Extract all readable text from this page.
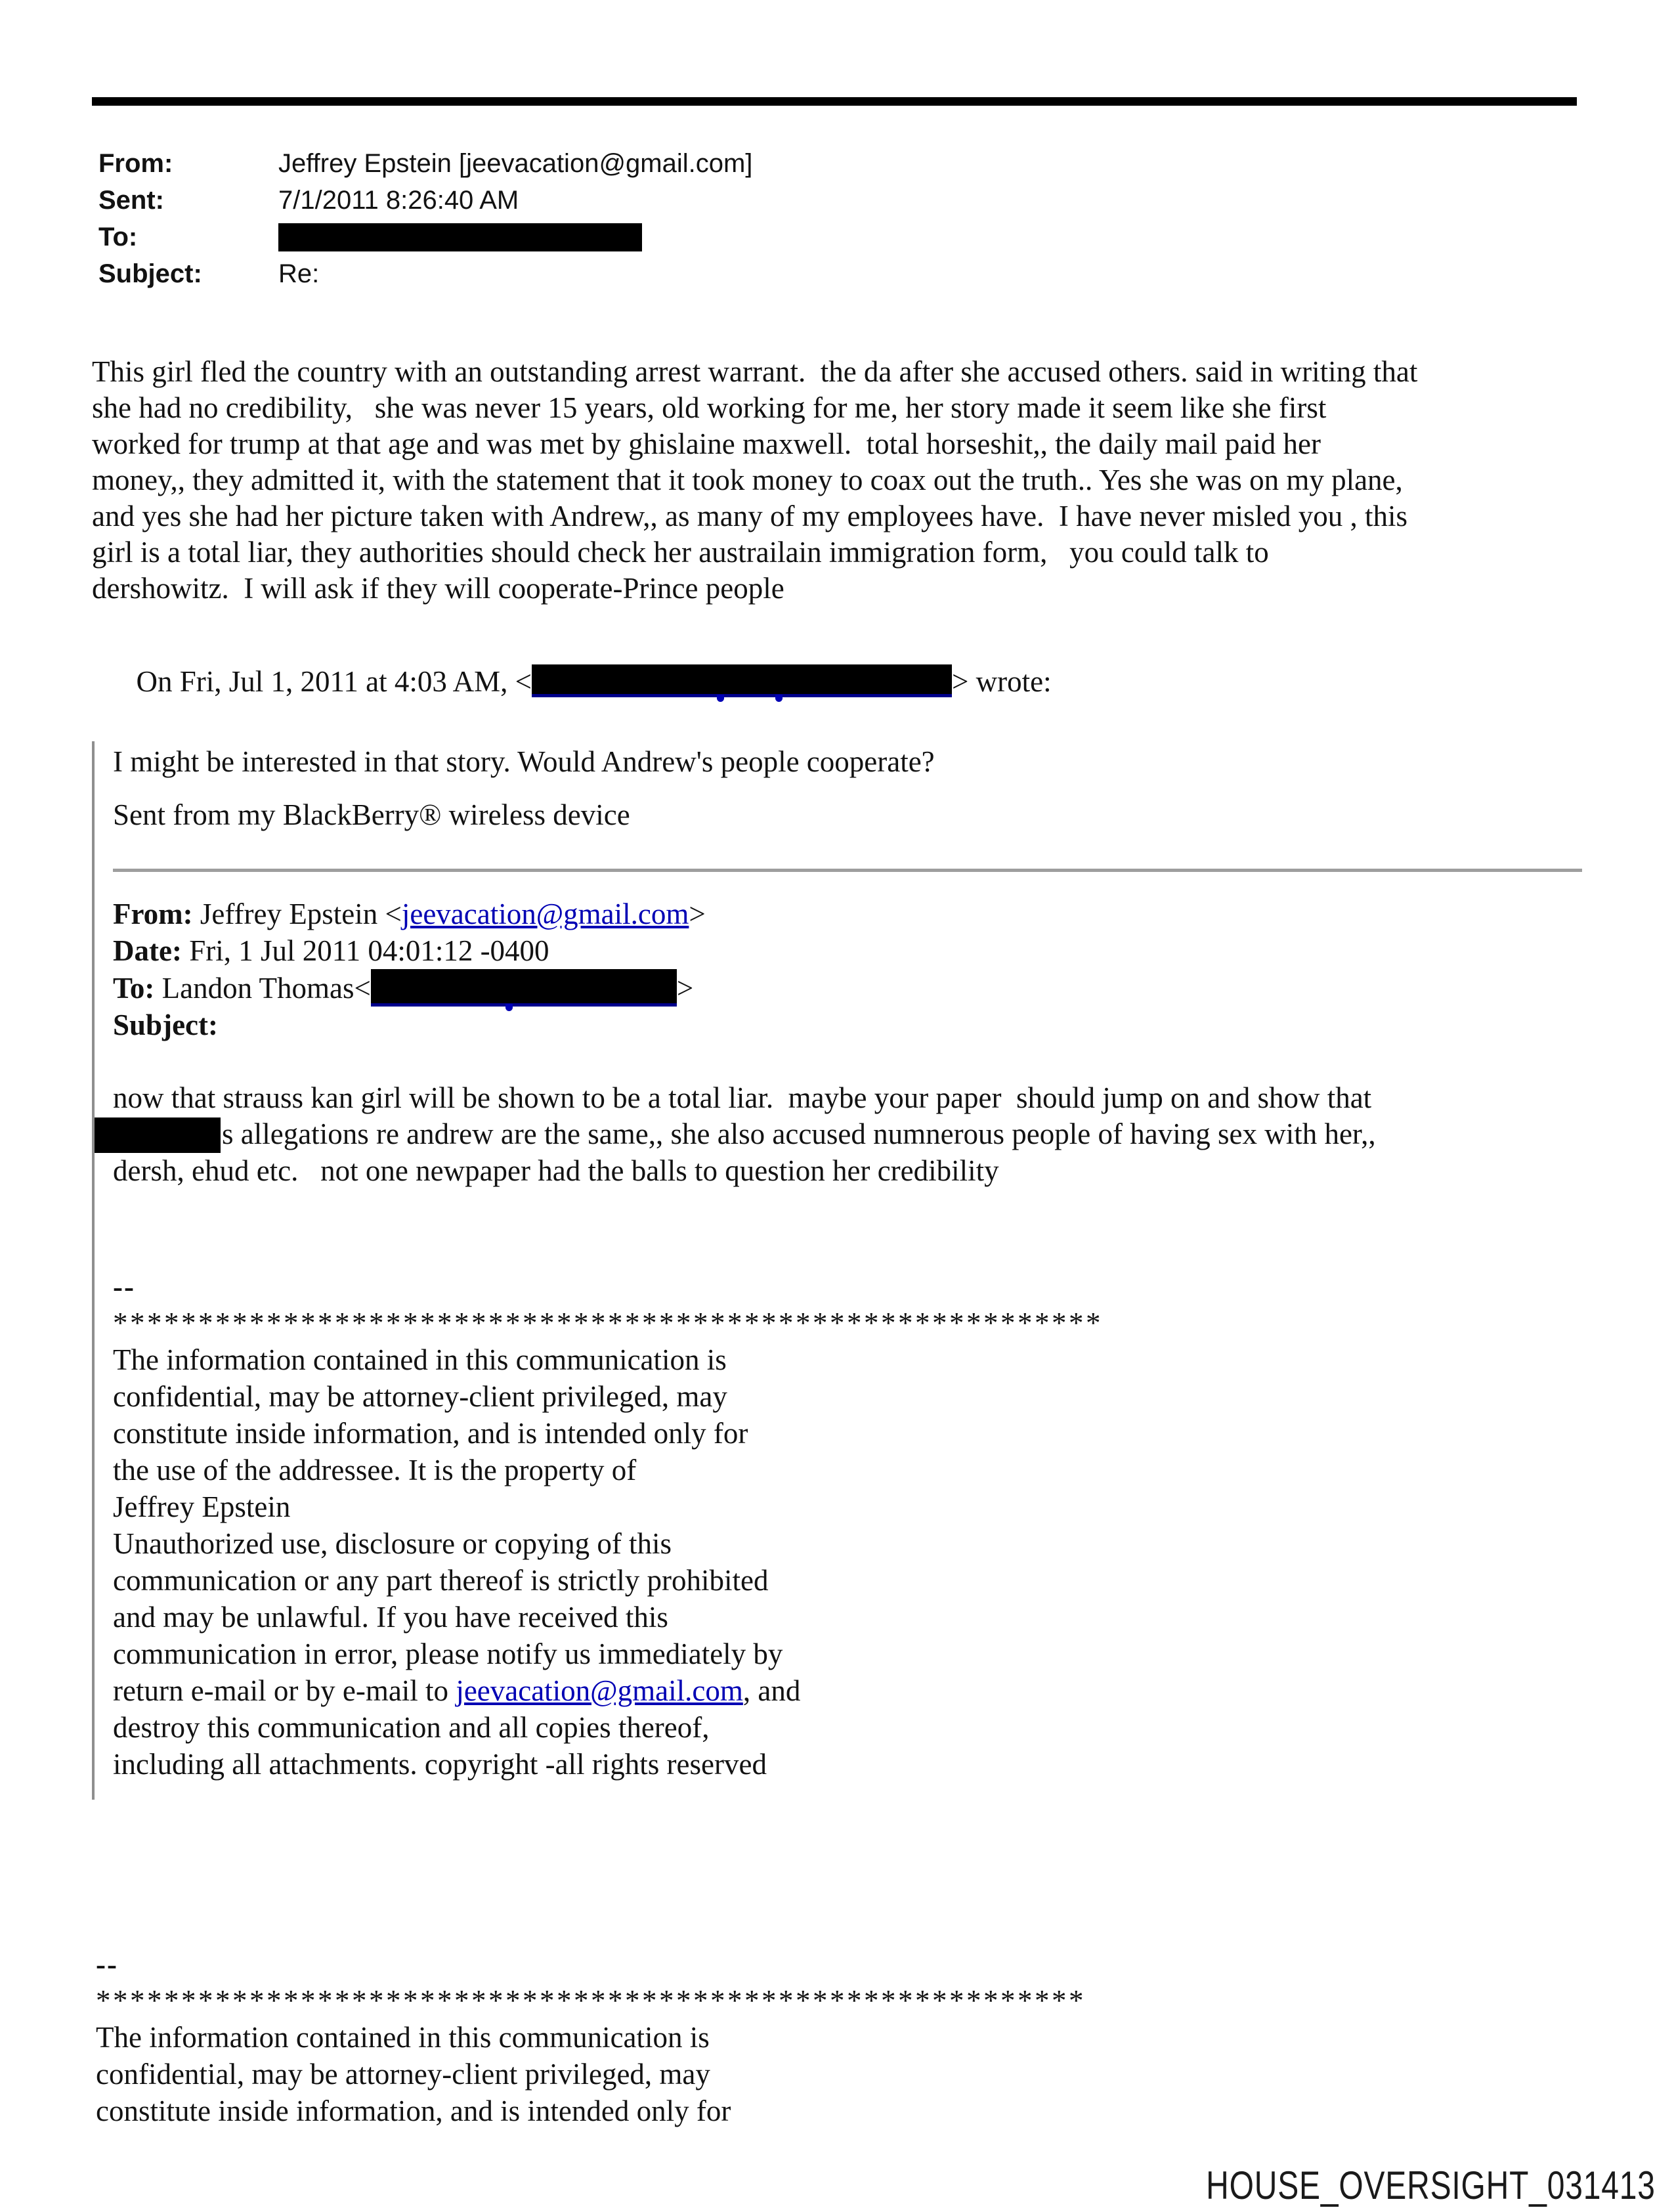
From:	Jeffrey Epstein [jeevacation@gmail.com]
Sent:	7/1/2011 8:26:40 AM
To:
Subject:	Re:
This girl fled the country with an outstanding arrest warrant.  the da after she accused others. said in writing that
she had no credibility,   she was never 15 years, old working for me, her story made it seem like she first
worked for trump at that age and was met by ghislaine maxwell.  total horseshit,, the daily mail paid her
money,, they admitted it, with the statement that it took money to coax out the truth.. Yes she was on my plane,
and yes she had her picture taken with Andrew,, as many of my employees have.  I have never misled you , this
girl is a total liar, they authorities should check her austrailain immigration form,   you could talk to
dershowitz.  I will ask if they will cooperate-Prince people

On Fri, Jul 1, 2011 at 4:03 AM, <	> wrote:

I might be interested in that story. Would Andrew's people cooperate?
Sent from my BlackBerry® wireless device
From: Jeffrey Epstein <jeevacation@gmail.com>
Date: Fri, 1 Jul 2011 04:01:12 -0400
To: Landon Thomas<	>
Subject:
now that strauss kan girl will be shown to be a total liar.  maybe your paper  should jump on and show that
s allegations re andrew are the same,, she also accused numnerous people of having sex with her,,
dersh, ehud etc.   not one newpaper had the balls to question her credibility
--
**********************************************************
The information contained in this communication is
confidential, may be attorney-client privileged, may
constitute inside information, and is intended only for
the use of the addressee. It is the property of
Jeffrey Epstein
Unauthorized use, disclosure or copying of this
communication or any part thereof is strictly prohibited
and may be unlawful. If you have received this
communication in error, please notify us immediately by
return e-mail or by e-mail to jeevacation@gmail.com, and
destroy this communication and all copies thereof,
including all attachments. copyright -all rights reserved
--
**********************************************************
The information contained in this communication is
confidential, may be attorney-client privileged, may
constitute inside information, and is intended only for
HOUSE_OVERSIGHT_031413
